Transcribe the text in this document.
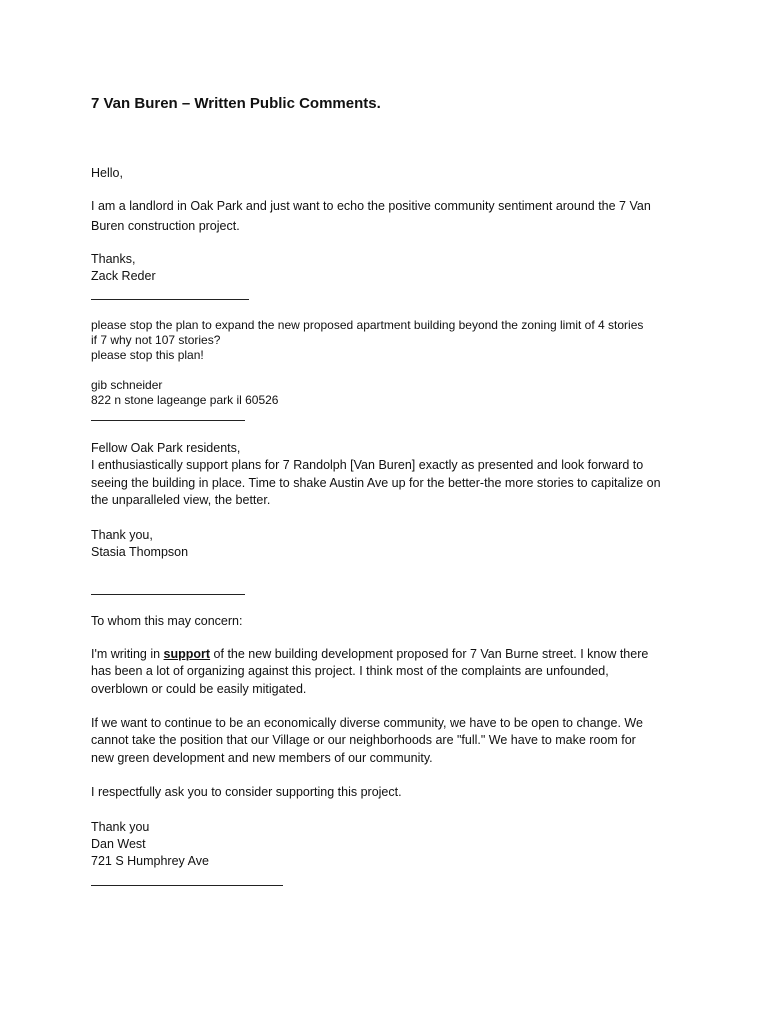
7 Van Buren – Written Public Comments.
Hello,
I am a landlord in Oak Park and just want to echo the positive community sentiment around the 7 Van
Buren construction project.
Thanks,
Zack Reder
please stop the plan to expand the new proposed apartment building beyond the zoning limit of 4 stories
if 7 why not 107 stories?
please stop this plan!
gib schneider
822 n stone lageange park il 60526
Fellow Oak Park residents,
I enthusiastically support plans for 7 Randolph [Van Buren] exactly as presented and look forward to
seeing the building in place. Time to shake Austin Ave up for the better-the more stories to capitalize on
the unparalleled view, the better.
Thank you,
Stasia Thompson
To whom this may concern:
I'm writing in support of the new building development proposed for 7 Van Burne street. I know there
has been a lot of organizing against this project. I think most of the complaints are unfounded,
overblown or could be easily mitigated.
If we want to continue to be an economically diverse community, we have to be open to change. We
cannot take the position that our Village or our neighborhoods are "full." We have to make room for
new green development and new members of our community.
I respectfully ask you to consider supporting this project.
Thank you
Dan West
721 S Humphrey Ave
